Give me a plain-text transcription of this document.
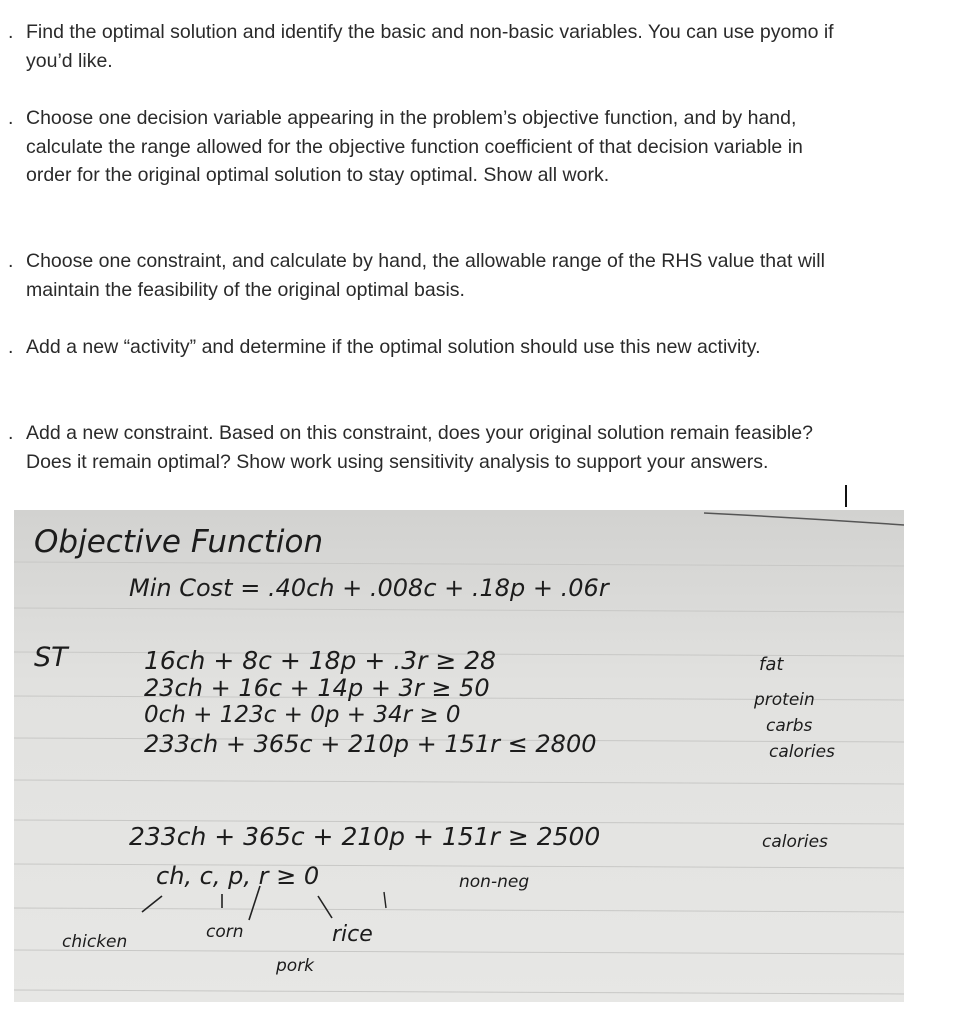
. Find the optimal solution and identify the basic and non-basic variables. You can use pyomo if you’d like.
. Choose one decision variable appearing in the problem’s objective function, and by hand, calculate the range allowed for the objective function coefficient of that decision variable in order for the original optimal solution to stay optimal. Show all work.
. Choose one constraint, and calculate by hand, the allowable range of the RHS value that will maintain the feasibility of the original optimal basis.
. Add a new “activity” and determine if the optimal solution should use this new activity.
. Add a new constraint. Based on this constraint, does your original solution remain feasible? Does it remain optimal? Show work using sensitivity analysis to support your answers.
Objective Function
Min Cost = .40ch + .008c + .18p + .06r
ST	16ch + 8c + 18p + .3r ≥ 28	fat
23ch + 16c + 14p + 3r ≥ 50	protein
0ch + 123c + 0p + 34r ≥ 0	carbs
233ch + 365c + 210p + 151r ≤ 2800	calories
233ch + 365c + 210p + 151r ≥ 2500	calories
ch, c, p, r ≥ 0	non-neg
chicken	corn	rice
pork
